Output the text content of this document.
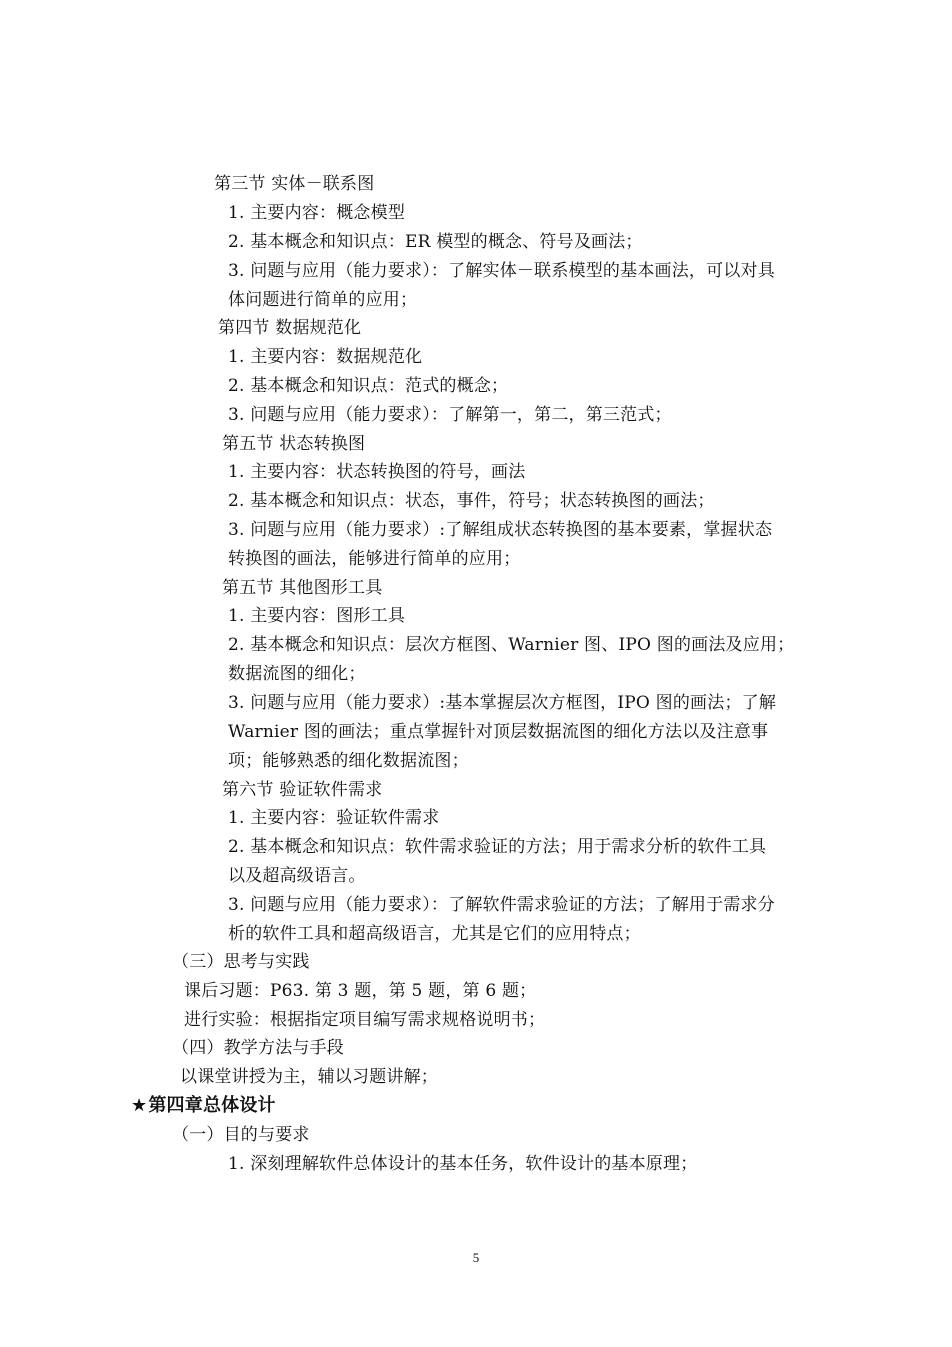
第三节 实体－联系图
1. 主要内容：概念模型
2. 基本概念和知识点：ER 模型的概念、符号及画法；
3. 问题与应用（能力要求）：了解实体－联系模型的基本画法，可以对具
体问题进行简单的应用；
第四节 数据规范化
1. 主要内容：数据规范化
2. 基本概念和知识点：范式的概念；
3. 问题与应用（能力要求）：了解第一，第二，第三范式；
第五节 状态转换图
1. 主要内容：状态转换图的符号，画法
2. 基本概念和知识点：状态，事件，符号；状态转换图的画法；
3. 问题与应用（能力要求）:了解组成状态转换图的基本要素，掌握状态
转换图的画法，能够进行简单的应用；
第五节 其他图形工具
1. 主要内容：图形工具
2. 基本概念和知识点：层次方框图、Warnier 图、IPO 图的画法及应用；
数据流图的细化；
3. 问题与应用（能力要求）:基本掌握层次方框图，IPO 图的画法；了解
Warnier 图的画法；重点掌握针对顶层数据流图的细化方法以及注意事
项；能够熟悉的细化数据流图；
第六节 验证软件需求
1. 主要内容：验证软件需求
2. 基本概念和知识点：软件需求验证的方法；用于需求分析的软件工具
以及超高级语言。
3. 问题与应用（能力要求）：了解软件需求验证的方法；了解用于需求分
析的软件工具和超高级语言，尤其是它们的应用特点；
（三）思考与实践
课后习题：P63. 第 3 题，第 5 题，第 6 题；
进行实验：根据指定项目编写需求规格说明书；
（四）教学方法与手段
以课堂讲授为主，辅以习题讲解；
★第四章总体设计
（一）目的与要求
1. 深刻理解软件总体设计的基本任务，软件设计的基本原理；
5
